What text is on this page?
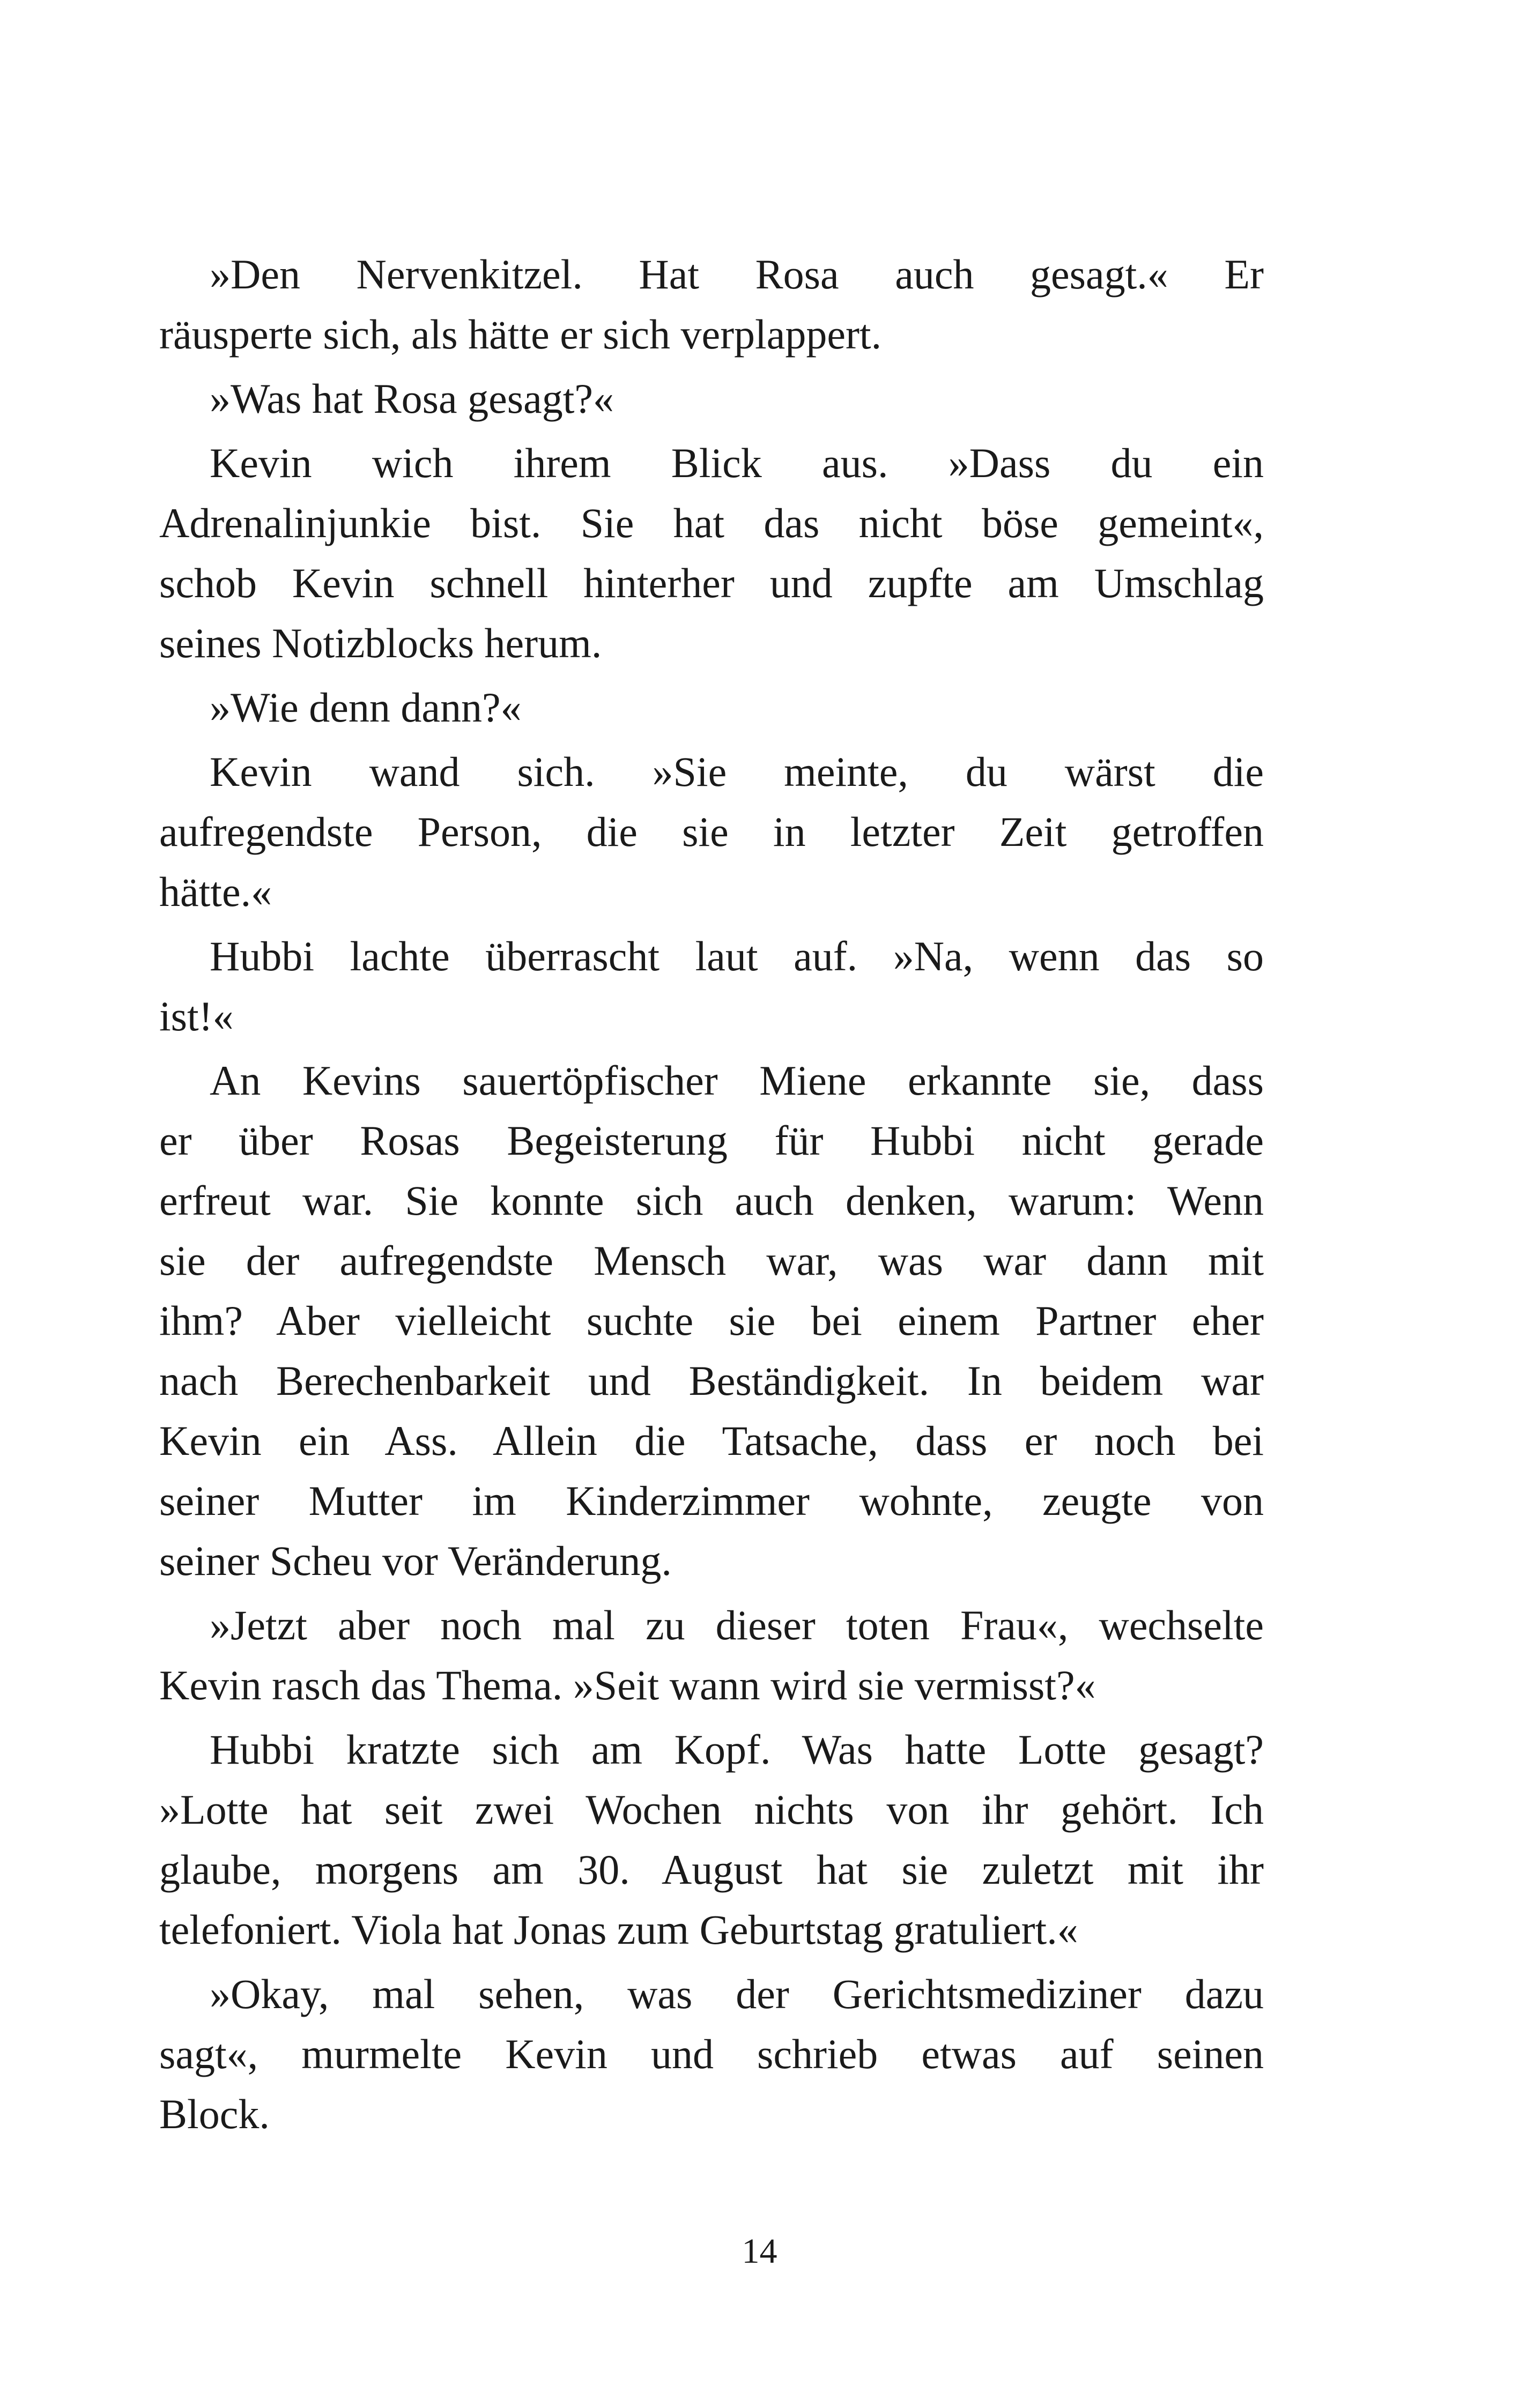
»Den Nervenkitzel. Hat Rosa auch gesagt.« Er
räusperte sich, als hätte er sich verplappert.
»Was hat Rosa gesagt?«
Kevin wich ihrem Blick aus. »Dass du ein
Adrenalinjunkie bist. Sie hat das nicht böse gemeint«,
schob Kevin schnell hinterher und zupfte am Umschlag
seines Notizblocks herum.
»Wie denn dann?«
Kevin wand sich. »Sie meinte, du wärst die
aufregendste Person, die sie in letzter Zeit getroffen
hätte.«
Hubbi lachte überrascht laut auf. »Na, wenn das so
ist!«
An Kevins sauertöpfischer Miene erkannte sie, dass
er über Rosas Begeisterung für Hubbi nicht gerade
erfreut war. Sie konnte sich auch denken, warum: Wenn
sie der aufregendste Mensch war, was war dann mit
ihm? Aber vielleicht suchte sie bei einem Partner eher
nach Berechenbarkeit und Beständigkeit. In beidem war
Kevin ein Ass. Allein die Tatsache, dass er noch bei
seiner Mutter im Kinderzimmer wohnte, zeugte von
seiner Scheu vor Veränderung.
»Jetzt aber noch mal zu dieser toten Frau«, wechselte
Kevin rasch das Thema. »Seit wann wird sie vermisst?«
Hubbi kratzte sich am Kopf. Was hatte Lotte gesagt?
»Lotte hat seit zwei Wochen nichts von ihr gehört. Ich
glaube, morgens am 30. August hat sie zuletzt mit ihr
telefoniert. Viola hat Jonas zum Geburtstag gratuliert.«
»Okay, mal sehen, was der Gerichtsmediziner dazu
sagt«, murmelte Kevin und schrieb etwas auf seinen
Block.
14
